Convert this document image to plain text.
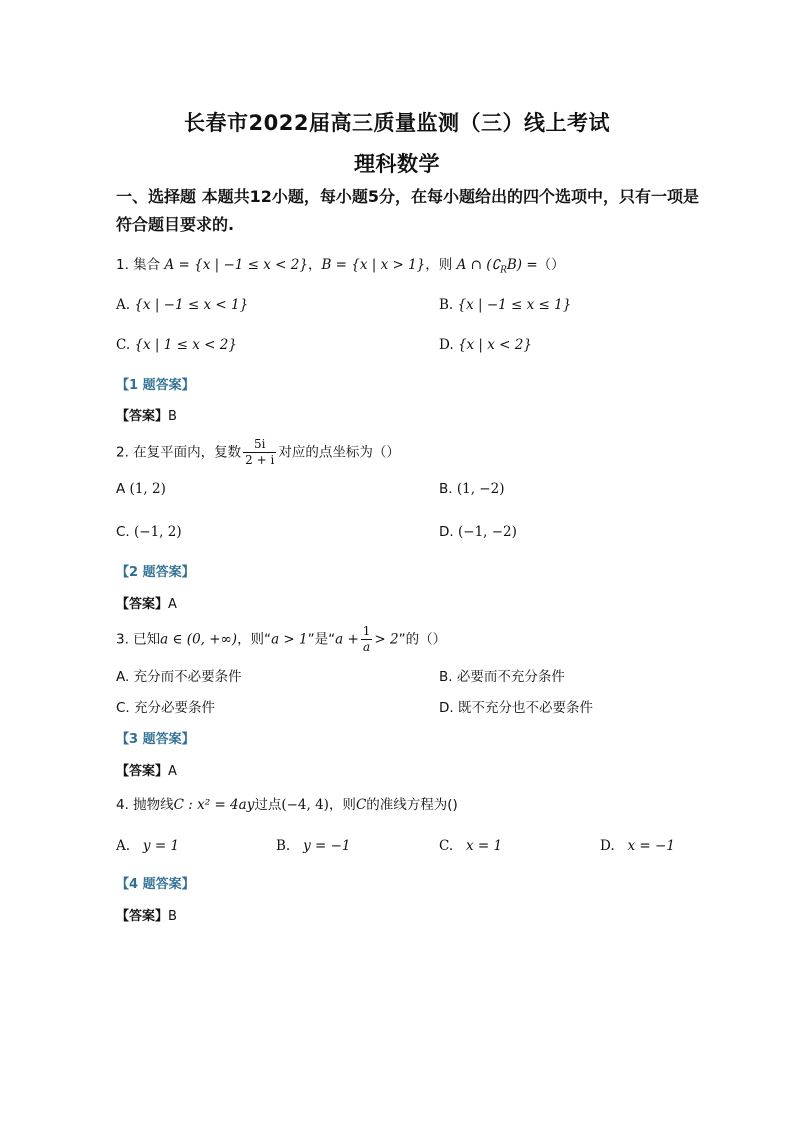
长春市2022届高三质量监测（三）线上考试
理科数学
一、选择题 本题共12小题，每小题5分，在每小题给出的四个选项中，只有一项是
符合题目要求的.
1. 集合 A = {x | −1 ≤ x < 2}，B = {x | x > 1}，则 A ∩ $(∁_RB)$ =（）
A. {x | −1 ≤ x < 1}	B. {x | −1 ≤ x ≤ 1}
C. {x | 1 ≤ x < 2}	D. {x | x < 2}
【1 题答案】
【答案】B
2. 在复平面内，复数 $\frac{5i}{2 + i}$ 对应的点坐标为（）
A (1, 2)	B. (1, −2)
C. (−1, 2)	D. (−1, −2)
【2 题答案】
【答案】A
3. 已知a ∈ (0, +∞)，则“a > 1”是“$a + \frac{1}{a} > 2$”的（）
A. 充分而不必要条件	B. 必要而不充分条件
C. 充分必要条件	D. 既不充分也不必要条件
【3 题答案】
【答案】A
4. 抛物线C : x² = 4ay过点(−4, 4)，则C的准线方程为()
A. y = 1	B. y = −1	C. x = 1	D. x = −1
【4 题答案】
【答案】B
